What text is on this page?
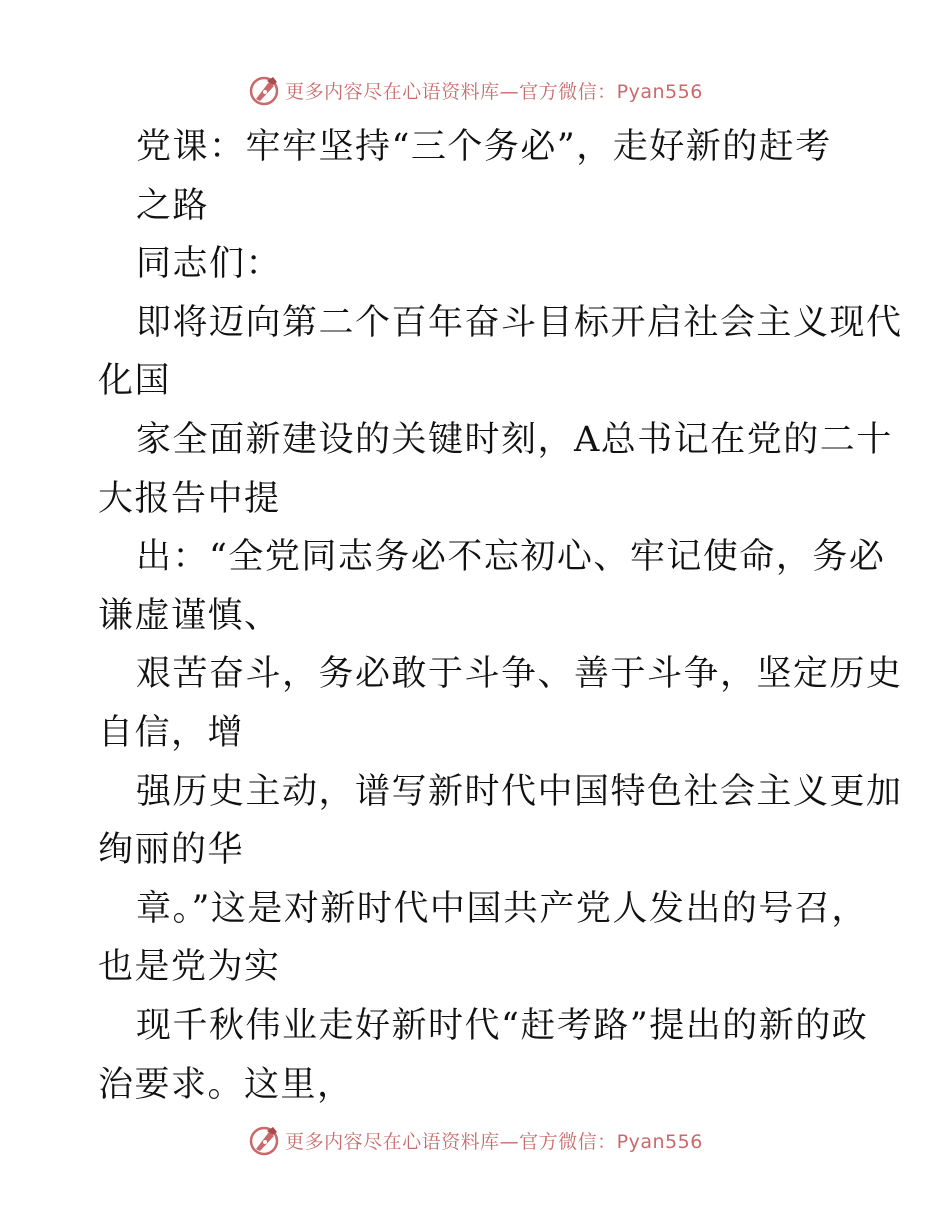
更多内容尽在心语资料库—官方微信：Pyan556

党课：牢牢坚持“三个务必”，走好新的赶考

之路

同志们：

即将迈向第二个百年奋斗目标开启社会主义现代

化国

家全面新建设的关键时刻，A总书记在党的二十

大报告中提

出：“全党同志务必不忘初心、牢记使命，务必

谦虚谨慎、

艰苦奋斗，务必敢于斗争、善于斗争，坚定历史

自信，增

强历史主动，谱写新时代中国特色社会主义更加

绚丽的华

章。”这是对新时代中国共产党人发出的号召，

也是党为实

现千秋伟业走好新时代“赶考路”提出的新的政

治要求。这里，

更多内容尽在心语资料库—官方微信：Pyan556
